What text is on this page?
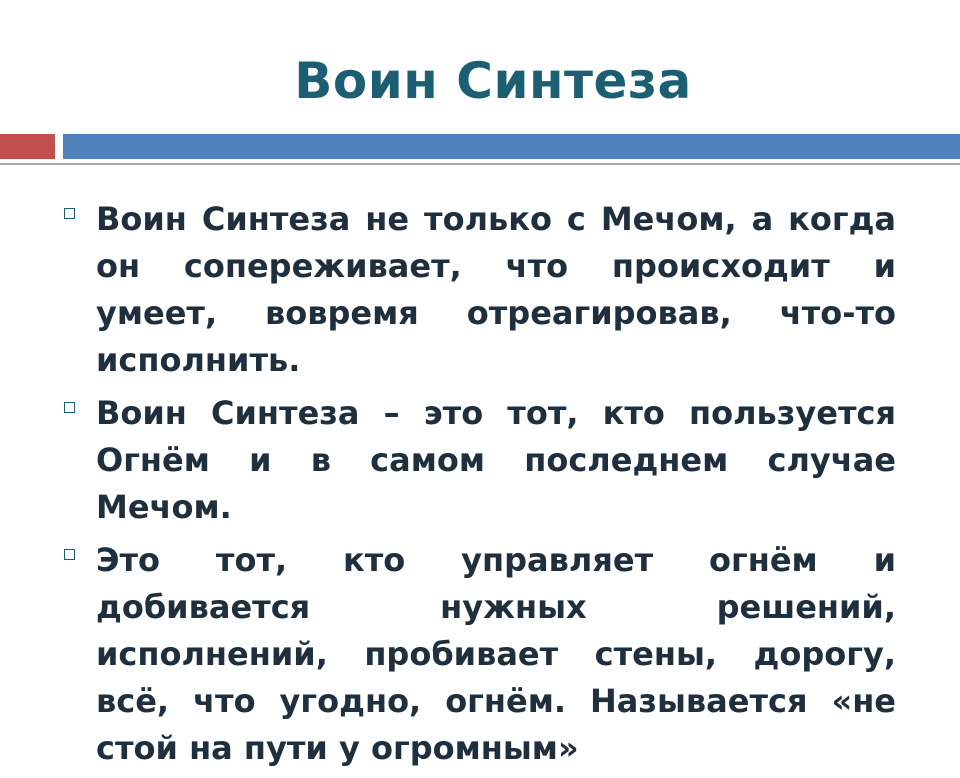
Воин Синтеза
Воин Синтеза не только с Мечом, а когда он сопереживает, что происходит и умеет, вовремя отреагировав, что-то исполнить.
Воин Синтеза – это тот, кто пользуется Огнём и в самом последнем случае Мечом.
Это тот, кто управляет огнём и добивается нужных решений, исполнений, пробивает стены, дорогу, всё, что угодно, огнём. Называется «не стой на пути у огромным»
